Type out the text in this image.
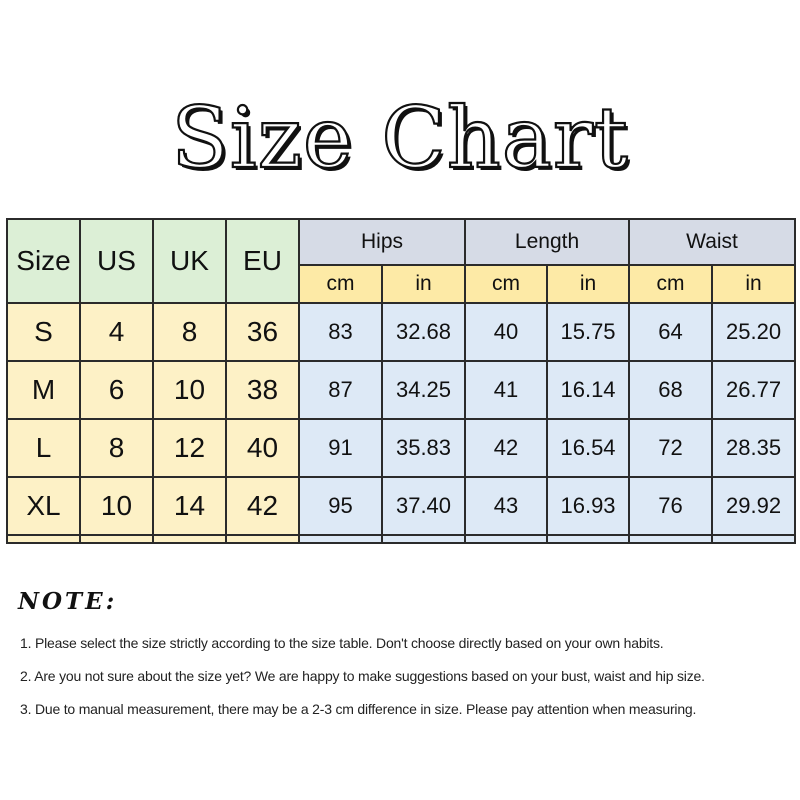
Size Chart
Size	US	UK	EU	Hips		Length		Waist	
				cm	in	cm	in	cm	in
S	4	8	36	83	32.68	40	15.75	64	25.20
M	6	10	38	87	34.25	41	16.14	68	26.77
L	8	12	40	91	35.83	42	16.54	72	28.35
XL	10	14	42	95	37.40	43	16.93	76	29.92

NOTE:
1. Please select the size strictly according to the size table. Don't choose directly based on your own habits.
2. Are you not sure about the size yet? We are happy to make suggestions based on your bust, waist and hip size.
3. Due to manual measurement, there may be a 2-3 cm difference in size. Please pay attention when measuring.
